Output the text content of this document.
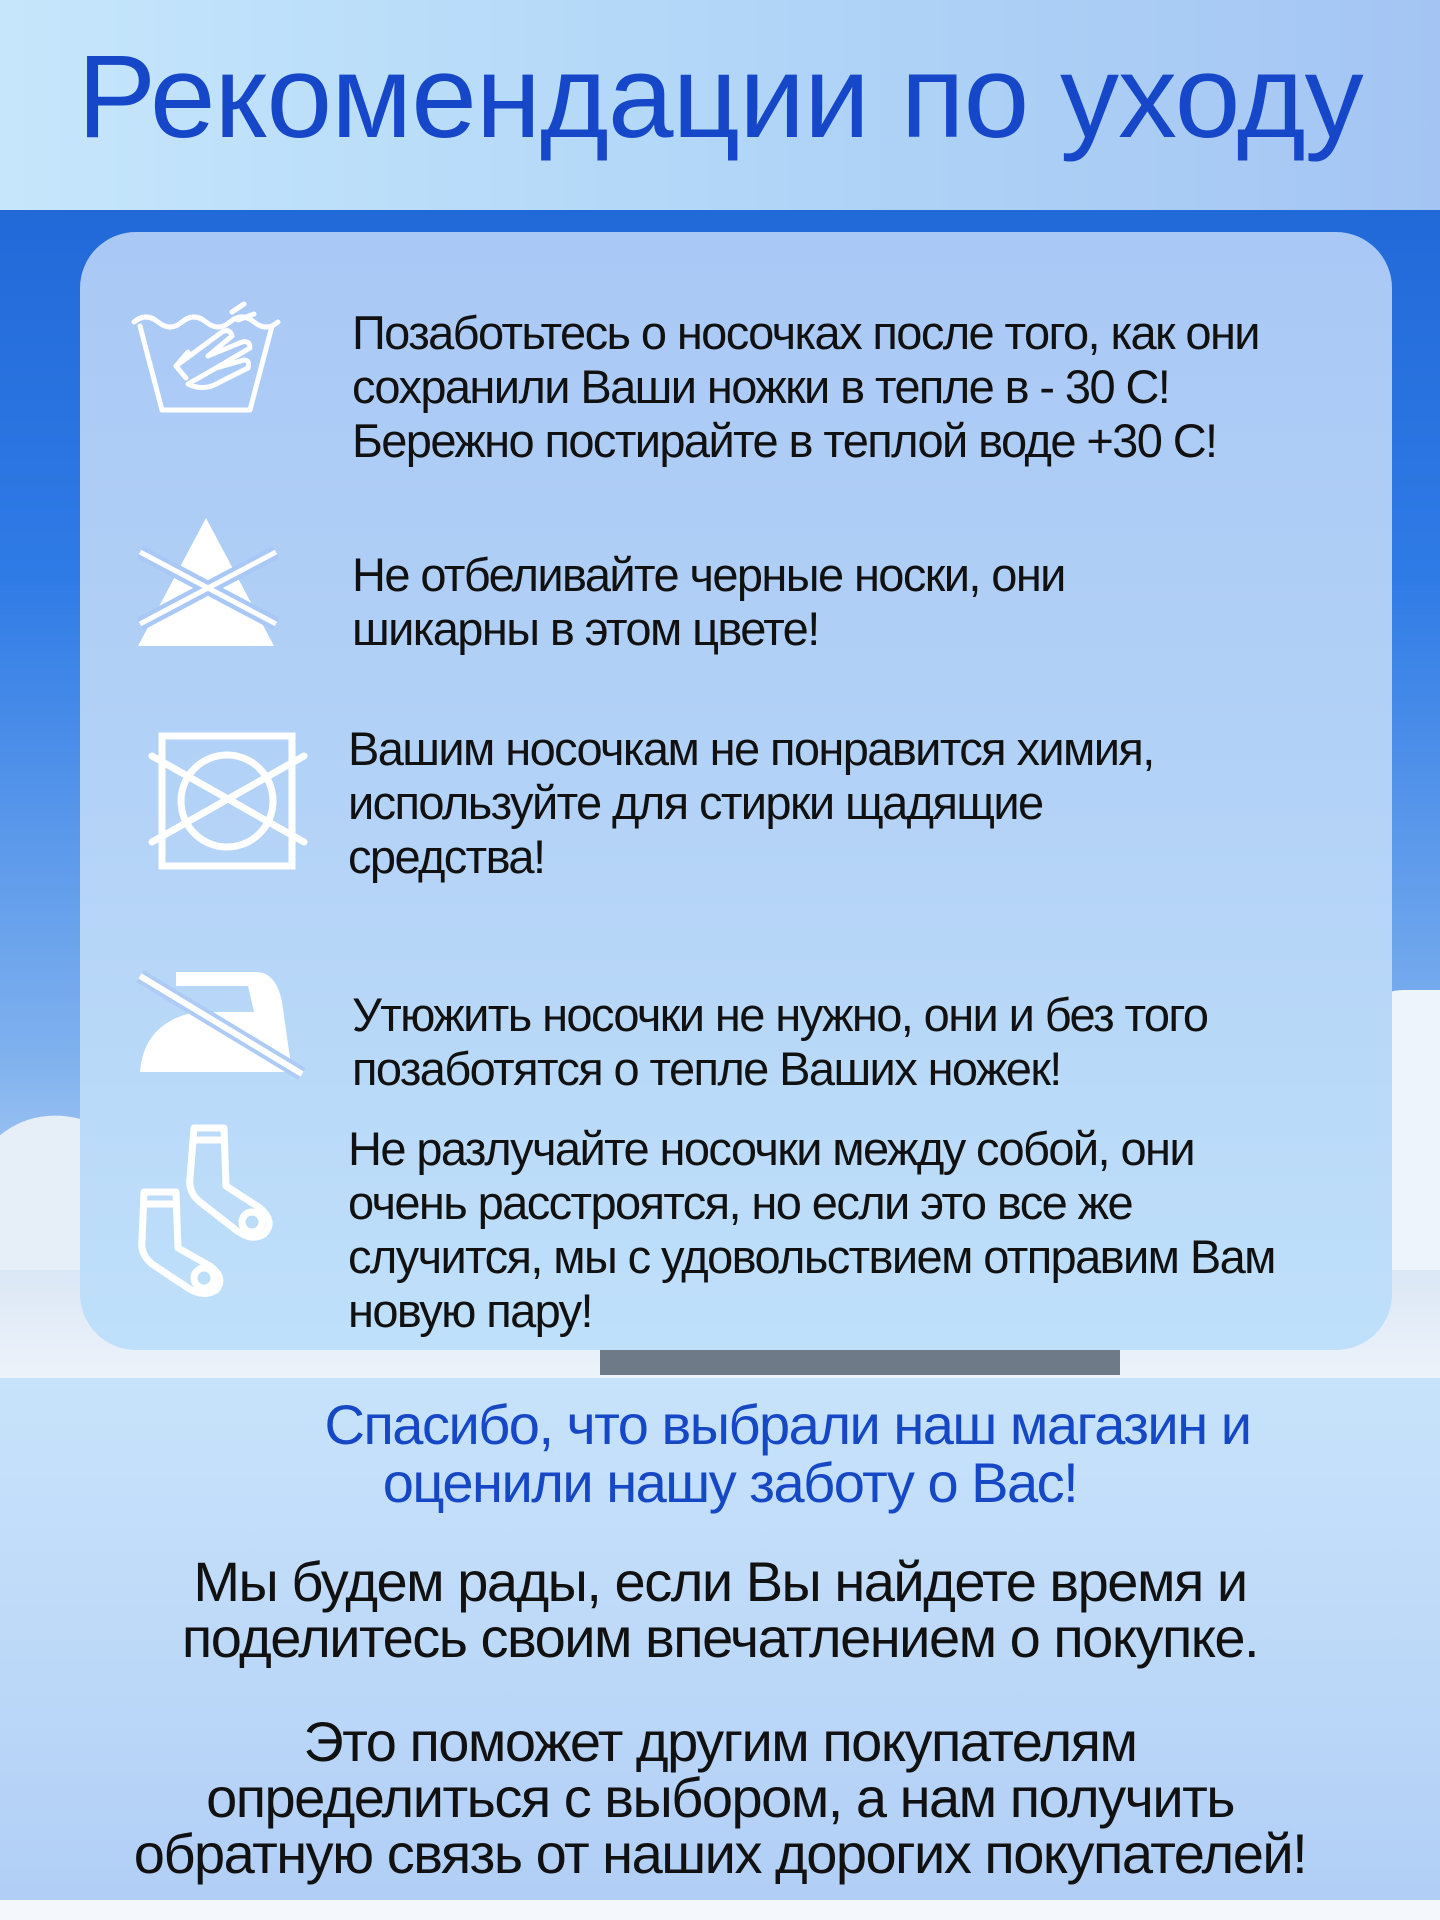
Рекомендации по уходу
Позаботьтесь о носочках после того, как они
сохранили Ваши ножки в тепле в - 30 С!
Бережно постирайте в теплой воде +30 С!
Не отбеливайте черные носки, они
шикарны в этом цвете!
Вашим носочкам не понравится химия,
используйте для стирки щадящие
средства!
Утюжить носочки не нужно, они и без того
позаботятся о тепле Ваших ножек!
Не разлучайте носочки между собой, они
очень расстроятся, но если это все же
случится, мы с удовольствием отправим Вам
новую пару!
Спасибо, что выбрали наш магазин и
оценили нашу заботу о Вас!
Мы будем рады, если Вы найдете время и
поделитесь своим впечатлением о покупке.
Это поможет другим покупателям
определиться с выбором, а нам получить
обратную связь от наших дорогих покупателей!
